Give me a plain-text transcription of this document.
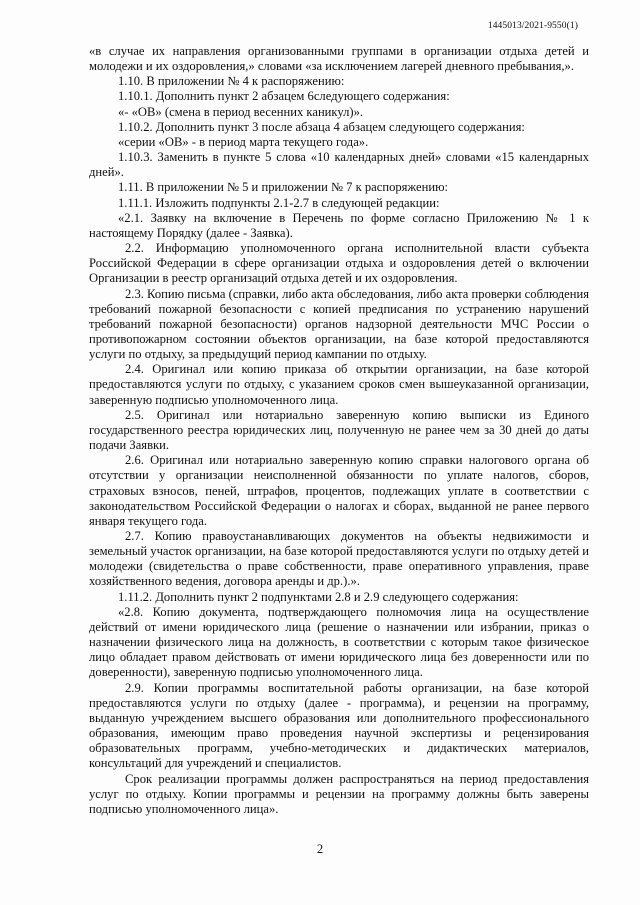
1445013/2021-9550(1)

«в случае их направления организованными группами в организации отдыха детей и молодежи и их оздоровления,» словами «за исключением лагерей дневного пребывания,».

1.10. В приложении № 4 к распоряжению:

1.10.1. Дополнить пункт 2 абзацем 6следующего содержания:

«- «ОВ» (смена в период весенних каникул)».

1.10.2. Дополнить пункт 3 после абзаца 4 абзацем следующего содержания:

«серии «ОВ» - в период марта текущего года».

1.10.3. Заменить в пункте 5 слова «10 календарных дней» словами «15 календарных дней».

1.11. В приложении № 5 и приложении № 7 к распоряжению:

1.11.1. Изложить подпункты 2.1-2.7 в следующей редакции:

«2.1. Заявку на включение в Перечень по форме согласно Приложению № 1 к настоящему Порядку (далее - Заявка).

2.2. Информацию уполномоченного органа исполнительной власти субъекта Российской Федерации в сфере организации отдыха и оздоровления детей о включении Организации в реестр организаций отдыха детей и их оздоровления.

2.3. Копию письма (справки, либо акта обследования, либо акта проверки соблюдения требований пожарной безопасности с копией предписания по устранению нарушений требований пожарной безопасности) органов надзорной деятельности МЧС России о противопожарном состоянии объектов организации, на базе которой предоставляются услуги по отдыху, за предыдущий период кампании по отдыху.

2.4. Оригинал или копию приказа об открытии организации, на базе которой предоставляются услуги по отдыху, с указанием сроков смен вышеуказанной организации, заверенную подписью уполномоченного лица.

2.5. Оригинал или нотариально заверенную копию выписки из Единого государственного реестра юридических лиц, полученную не ранее чем за 30 дней до даты подачи Заявки.

2.6. Оригинал или нотариально заверенную копию справки налогового органа об отсутствии у организации неисполненной обязанности по уплате налогов, сборов, страховых взносов, пеней, штрафов, процентов, подлежащих уплате в соответствии с законодательством Российской Федерации о налогах и сборах, выданной не ранее первого января текущего года.

2.7. Копию правоустанавливающих документов на объекты недвижимости и земельный участок организации, на базе которой предоставляются услуги по отдыху детей и молодежи (свидетельства о праве собственности, праве оперативного управления, праве хозяйственного ведения, договора аренды и др.).».

1.11.2. Дополнить пункт 2 подпунктами 2.8 и 2.9 следующего содержания:

«2.8. Копию документа, подтверждающего полномочия лица на осуществление действий от имени юридического лица (решение о назначении или избрании, приказ о назначении физического лица на должность, в соответствии с которым такое физическое лицо обладает правом действовать от имени юридического лица без доверенности или по доверенности), заверенную подписью уполномоченного лица.

2.9. Копии программы воспитательной работы организации, на базе которой предоставляются услуги по отдыху (далее - программа), и рецензии на программу, выданную учреждением высшего образования или дополнительного профессионального образования, имеющим право проведения научной экспертизы и рецензирования образовательных программ, учебно-методических и дидактических материалов, консультаций для учреждений и специалистов.

Срок реализации программы должен распространяться на период предоставления услуг по отдыху. Копии программы и рецензии на программу должны быть заверены подписью уполномоченного лица».

2
